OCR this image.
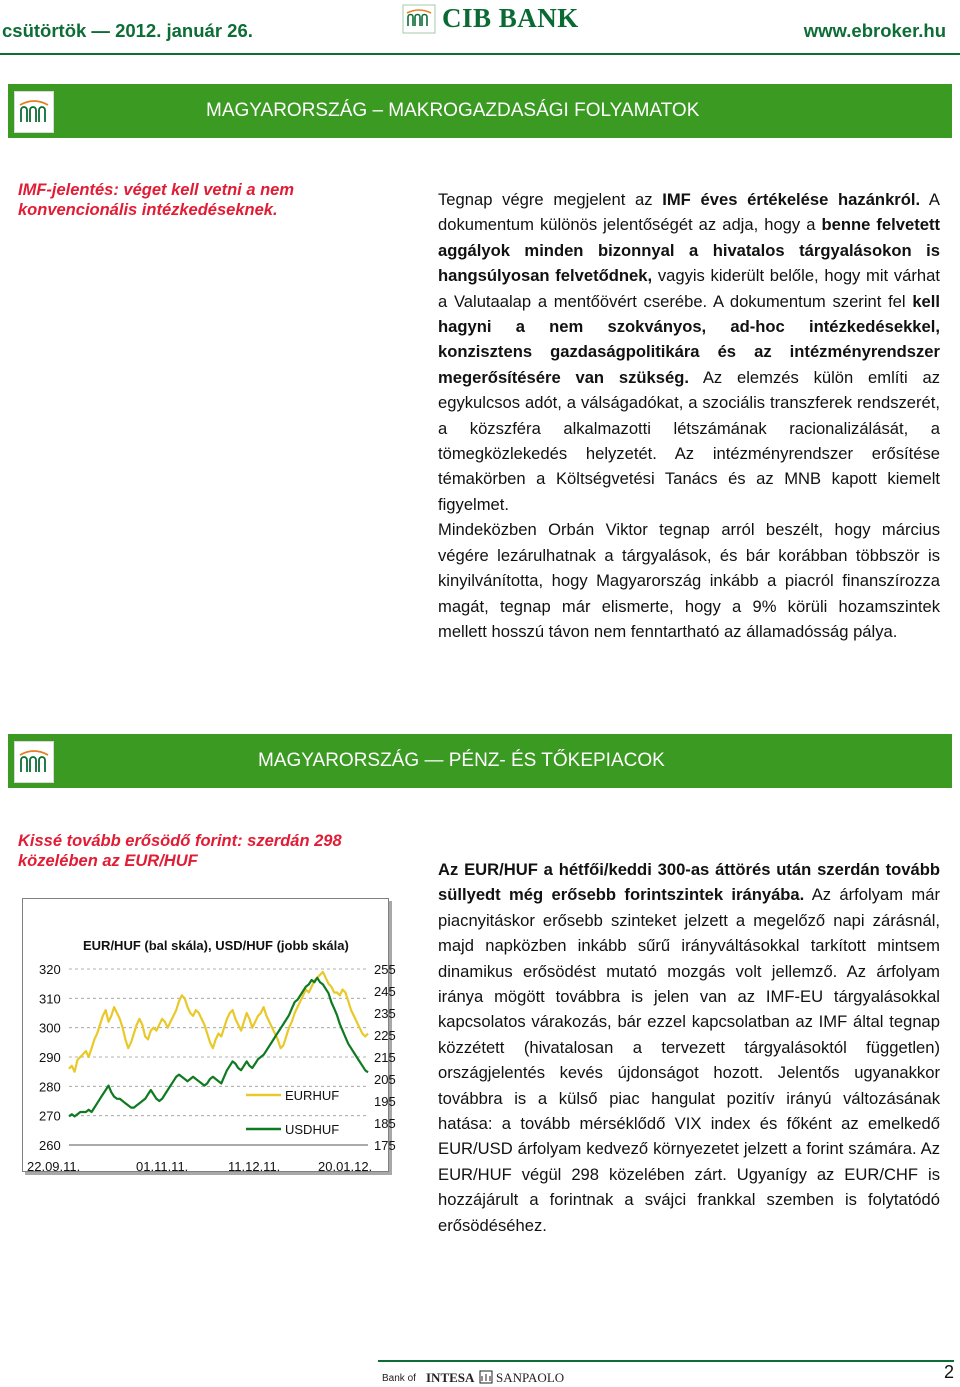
csütörtök — 2012. január 26.	CIB BANK	www.ebroker.hu
MAGYARORSZÁG – MAKROGAZDASÁGI FOLYAMATOK
IMF-jelentés: véget kell vetni a nem konvencionális intézkedéseknek.

Tegnap végre megjelent az IMF éves értékelése hazánkról. A dokumentum különös jelentőségét az adja, hogy a benne felvetett aggályok minden bizonnyal a hivatalos tárgyalásokon is hangsúlyosan felvetődnek, vagyis kiderült belőle, hogy mit várhat a Valutaalap a mentőövért cserébe. A dokumentum szerint fel kell hagyni a nem szokványos, ad-hoc intézkedésekkel, konzisztens gazdaságpolitikára és az intézményrendszer megerősítésére van szükség. Az elemzés külön említi az egykulcsos adót, a válságadókat, a szociális transzferek rendszerét, a közszféra alkalmazotti létszámának racionalizálását, a tömegközlekedés helyzetét. Az intézményrendszer erősítése témakörben a Költségvetési Tanács és az MNB kapott kiemelt figyelmet.

Mindeközben Orbán Viktor tegnap arról beszélt, hogy március végére lezárulhatnak a tárgyalások, és bár korábban többször is kinyilvánította, hogy Magyarország inkább a piacról finanszírozza magát, tegnap már elismerte, hogy a 9% körüli hozamszintek mellett hosszú távon nem fenntartható az államadósság pálya.

MAGYARORSZÁG — PÉNZ- ÉS TŐKEPIACOK
Kissé tovább erősödő forint: szerdán 298 közelében az EUR/HUF
EUR/HUF (bal skála), USD/HUF (jobb skála)
260
270
280
290
300
310
320
175
185
195
205
215
225
235
245
255
22.09.11.	01.11.11.	11.12.11.	20.01.12.
EURHUF
USDHUF

Az EUR/HUF a hétfői/keddi 300-as áttörés után szerdán tovább süllyedt még erősebb forintszintek irányába. Az árfolyam már piacnyitáskor erősebb szinteket jelzett a megelőző napi zárásnál, majd napközben inkább sűrű irányváltásokkal tarkított mintsem dinamikus erősödést mutató mozgás volt jellemző. Az árfolyam iránya mögött továbbra is jelen van az IMF-EU tárgyalásokkal kapcsolatos várakozás, bár ezzel kapcsolatban az IMF által tegnap közzétett (hivatalosan a tervezett tárgyalásoktól független) országjelentés kevés újdonságot hozott. Jelentős ugyanakkor továbbra is a külső piac hangulat pozitív irányú változásának hatása: a tovább mérséklődő VIX index és főként az emelkedő EUR/USD árfolyam kedvező környezetet jelzett a forint számára. Az EUR/HUF végül 298 közelében zárt. Ugyanígy az EUR/CHF is hozzájárult a forintnak a svájci frankkal szemben is folytatódó erősödéséhez.

Bank of INTESA SANPAOLO	2
